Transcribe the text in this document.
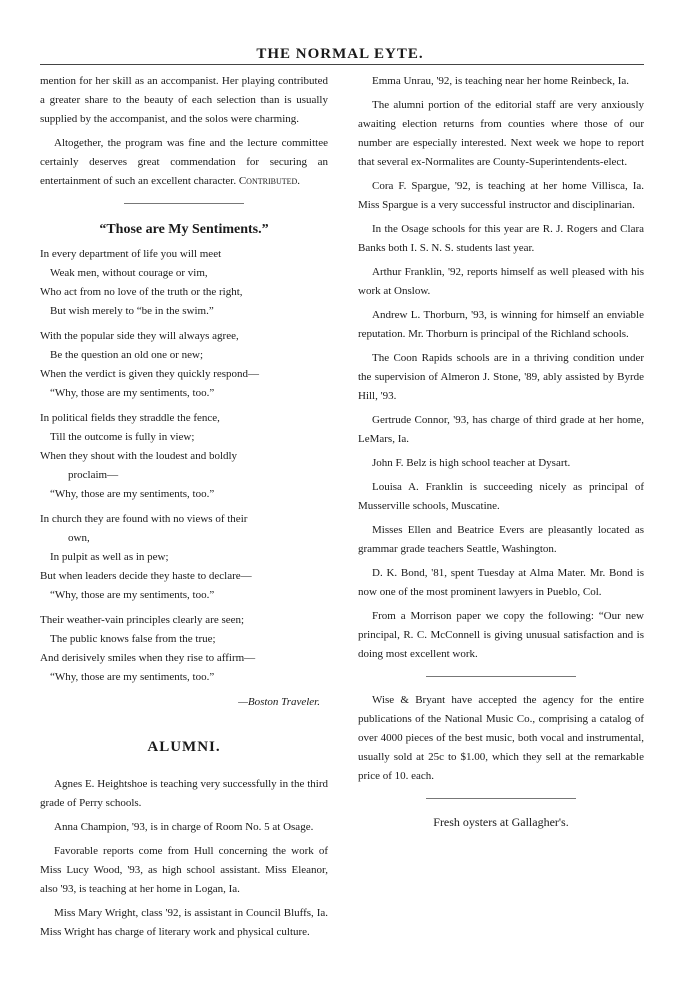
THE NORMAL EYTE.

mention for her skill as an accompanist. Her playing contributed a greater share to the beauty of each selection than is usually supplied by the accompanist, and the solos were charming.

Altogether, the program was fine and the lecture committee certainly deserves great commendation for securing an entertainment of such an excellent character. Contributed.

“Those are My Sentiments.”
In every department of life you will meet
Weak men, without courage or vim,
Who act from no love of the truth or the right,
But wish merely to “be in the swim.”
With the popular side they will always agree,
Be the question an old one or new;
When the verdict is given they quickly respond—
“Why, those are my sentiments, too.”
In political fields they straddle the fence,
Till the outcome is fully in view;
When they shout with the loudest and boldly
proclaim—
“Why, those are my sentiments, too.”
In church they are found with no views of their
own,
In pulpit as well as in pew;
But when leaders decide they haste to declare—
“Why, those are my sentiments, too.”
Their weather-vain principles clearly are seen;
The public knows false from the true;
And derisively smiles when they rise to affirm—
“Why, those are my sentiments, too.”
—Boston Traveler.
ALUMNI.

Agnes E. Heightshoe is teaching very successfully in the third grade of Perry schools.

Anna Champion, '93, is in charge of Room No. 5 at Osage.

Favorable reports come from Hull concerning the work of Miss Lucy Wood, '93, as high school assistant. Miss Eleanor, also '93, is teaching at her home in Logan, Ia.

Miss Mary Wright, class '92, is assistant in Council Bluffs, Ia. Miss Wright has charge of literary work and physical culture.

Emma Unrau, '92, is teaching near her home Reinbeck, Ia.

The alumni portion of the editorial staff are very anxiously awaiting election returns from counties where those of our number are especially interested. Next week we hope to report that several ex-Normalites are County-Superintendents-elect.

Cora F. Spargue, '92, is teaching at her home Villisca, Ia. Miss Spargue is a very successful instructor and disciplinarian.

In the Osage schools for this year are R. J. Rogers and Clara Banks both I. S. N. S. students last year.

Arthur Franklin, '92, reports himself as well pleased with his work at Onslow.

Andrew L. Thorburn, '93, is winning for himself an enviable reputation. Mr. Thorburn is principal of the Richland schools.

The Coon Rapids schools are in a thriving condition under the supervision of Almeron J. Stone, '89, ably assisted by Byrde Hill, '93.

Gertrude Connor, '93, has charge of third grade at her home, LeMars, Ia.

John F. Belz is high school teacher at Dysart.

Louisa A. Franklin is succeeding nicely as principal of Musserville schools, Muscatine.

Misses Ellen and Beatrice Evers are pleasantly located as grammar grade teachers Seattle, Washington.

D. K. Bond, '81, spent Tuesday at Alma Mater. Mr. Bond is now one of the most prominent lawyers in Pueblo, Col.

From a Morrison paper we copy the following: “Our new principal, R. C. McConnell is giving unusual satisfaction and is doing most excellent work.

Wise & Bryant have accepted the agency for the entire publications of the National Music Co., comprising a catalog of over 4000 pieces of the best music, both vocal and instrumental, usually sold at 25c to $1.00, which they sell at the remarkable price of 10. each.

Fresh oysters at Gallagher's.
